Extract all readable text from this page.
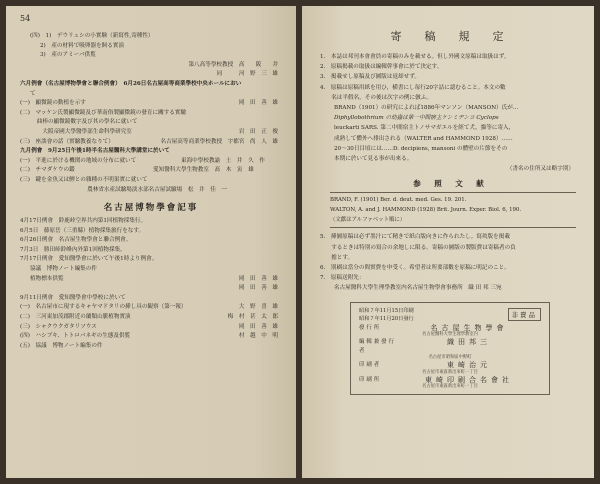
54
(四)　1)　デウリュシの小實験（新寫性,寄種性）
2)　產の材料で吸卵器を飼る實演
3)　產のアミーバ供覧
第八高等學校教授　 高　　阪　　井
同　　　河　野　三　雄
六月例會（名古屋博物學會と聯合例會）　6月26日名古屋高等商業學校中央ホールにおい
て
(一)　顯微鏡の動植を示す	岡　田　善　雄
(二)　マッケン氏製顯微鏡及び華南俗製顯微鏡の發育に關する實驗
　　　曲棒の顯微鏡數字及び其の學名に就いて
　　　　大阪帝國大學醫學部生命科學研究室	岩　田　正　俊
(三)　座談會の話（實驗教養なりて）	名古屋高等商業學校教授　宇都宮　尚　人　雄
九月例會　9月25日午後1時半名古屋醫科大學講堂に於いて
(一)　平進に於ける機関の地域の分布に就いて　　　　　　　　東海中學校教諭　土　井　久　作
(二)　チマダケウの鑑　　　　　　　　　　　　　　愛知醫科大學生物教室　髙　木　寅　雄
(三)　鍵を金魚又は鯉との雜種の不明果實に就いて
　　　　　　　　　　　　農林省水產試驗場淡水部名古屋試驗場　松　井　佳　一
名古屋博物學會記事
4月17日例會　鈴鹿峠空界共内第1回植物採集行。
6月5日　藤原岳（三重縣）植物採集旅行をなす。
6月26日例會　名古屋生物學會と聯合例會。
7月3日　勝田峠鈴峰內外第1回植物採集。
7月17日例會　愛知醫學會に於いて午後1時より例會。
協議　博物ノート編集の件
植物標本供覧	岡　田　善　雄
岡　田　善　雄
9月11日例會　愛知醫學會中學校に於いて
(一)　名古屋市に現するキャヤマドタリの挿し具の観察（第一報）	大　野　喜　雄
(二)　三河東加茂郡附近の蘭類山脈植物實演	梅　村　甚　太　郎
(三)　シャクウクガタリソウス	岡　田　善　雄
(四)　ハシブキ、トトロバネギの生態及供覧	村　越　中　明
(五)　協議　博物ノート編集の件
寄　稿　規　定
1.　本誌は邦刊本會會員の寄稿のみを載せる。但し外國文原稿は取扱はず。
2.　原稿掲載の取扱は編輯幹事會に於て決定す。
3.　掲載せし原稿及び圖版は返却せず。
4.　原稿は原稿用紙を用ひ，横書にし毎行20字詰に認むること。本文の數
　　名は半假名，その後は次字の例に倣ふ。
BRAND（1901）の研究によれば1886年マンソン（MANSON）氏が…
Diphyllobothrium の幼蟲は第一中間宿主ケンミヂンコ Cyclops
leuckarti SARS. 第二中間宿主トノサマガエルを經て犬，貓等に寄入，
成熟して體外へ排出される（WALTER and HAMMOND 1928）……
20〜30日目頃には……D. decipiens, mansoni の體壁の片節をその
本期に於いて見る事が出來る。
（書名の住所又は略字別）
参　照　文　献
BRAND, F. (1901) Ber. d. deut. med. Ges. 19. 201.
WALTON, A. and J. HAMMOND (1928) Brit. Journ. Exper. Biol. 6, 190.
（文獻はアルファベット順に）
5.　挿圖原稿は必ず墨汁にて精きで紙白版向きに作られたし。寫眞版を掲載
　　するときは特別の寫合の余地しに限る。寄稿の圖版の製版費は寄稿者の負
　　擔とす。
6.　別刷は當分の間實費を申受く。希望者は所要部數を原稿に明記のこと。
7.　原稿送附先：
名古屋醫科大學生理學教室内名古屋生物學會事務所　織 田 邦 三宛
昭和７年11月15日印刷
昭和７年11月20日發行	非賣品
發行所	名古屋生物學會
名古屋醫科大學生理學教室内
編輯兼發行者
織田邦三
名古屋市昭和區中野町
印刷者	東崎治元
名古屋市東區新出來町一丁目
印刷所	東崎印刷合名會社
名古屋市東區新出來町一丁目
